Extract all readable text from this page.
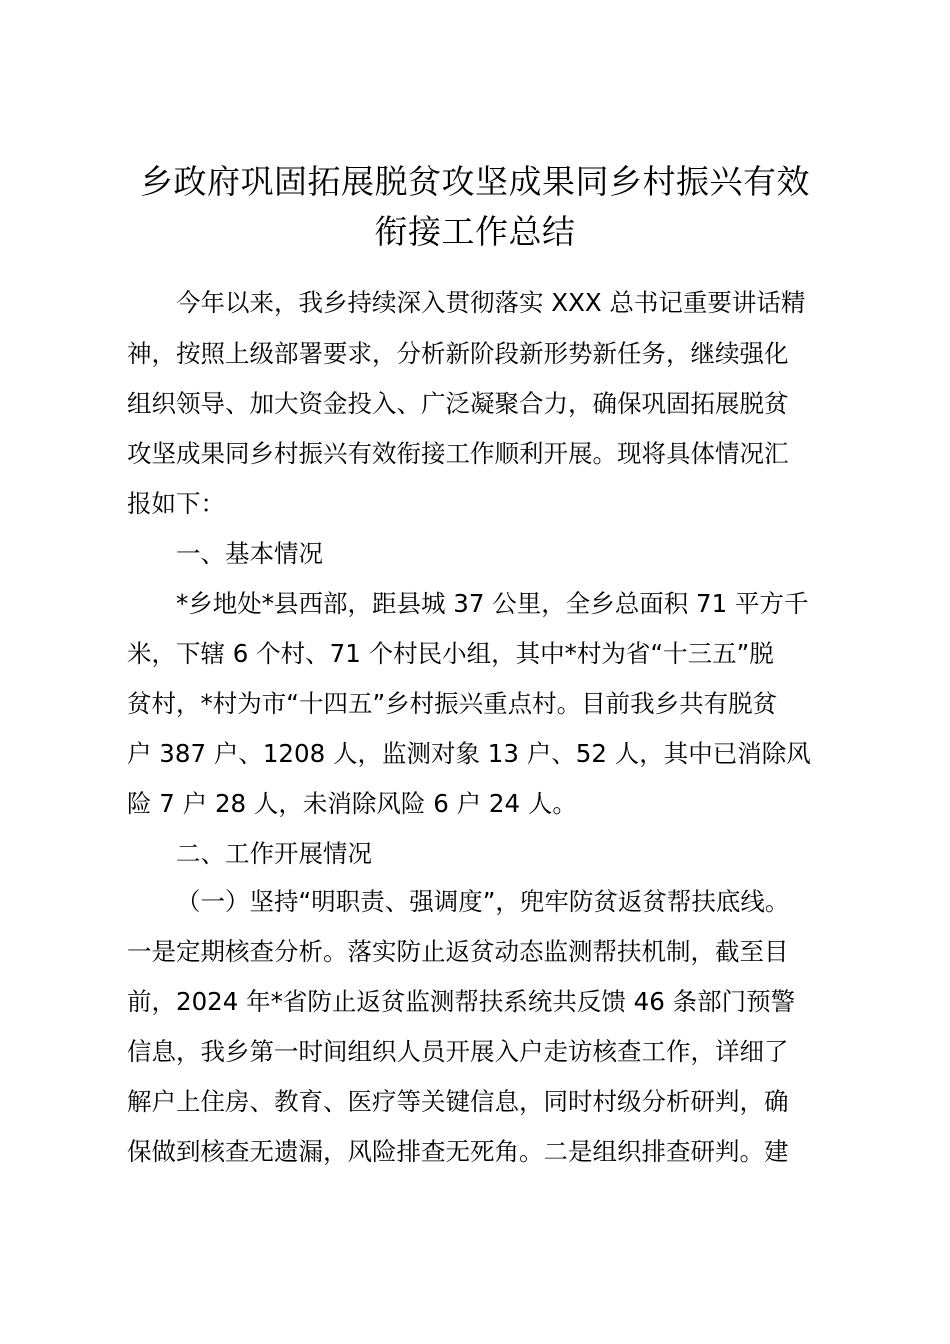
乡政府巩固拓展脱贫攻坚成果同乡村振兴有效
衔接工作总结
今年以来，我乡持续深入贯彻落实 XXX 总书记重要讲话精
神，按照上级部署要求，分析新阶段新形势新任务，继续强化
组织领导、加大资金投入、广泛凝聚合力，确保巩固拓展脱贫
攻坚成果同乡村振兴有效衔接工作顺利开展。现将具体情况汇
报如下：
一、基本情况
*乡地处*县西部，距县城 37 公里，全乡总面积 71 平方千
米，下辖 6 个村、71 个村民小组，其中*村为省“十三五”脱
贫村，*村为市“十四五”乡村振兴重点村。目前我乡共有脱贫
户 387 户、1208 人，监测对象 13 户、52 人，其中已消除风
险 7 户 28 人，未消除风险 6 户 24 人。
二、工作开展情况
（一）坚持“明职责、强调度”，兜牢防贫返贫帮扶底线。
一是定期核查分析。落实防止返贫动态监测帮扶机制，截至目
前，2024 年*省防止返贫监测帮扶系统共反馈 46 条部门预警
信息，我乡第一时间组织人员开展入户走访核查工作，详细了
解户上住房、教育、医疗等关键信息，同时村级分析研判，确
保做到核查无遗漏，风险排查无死角。二是组织排查研判。建
